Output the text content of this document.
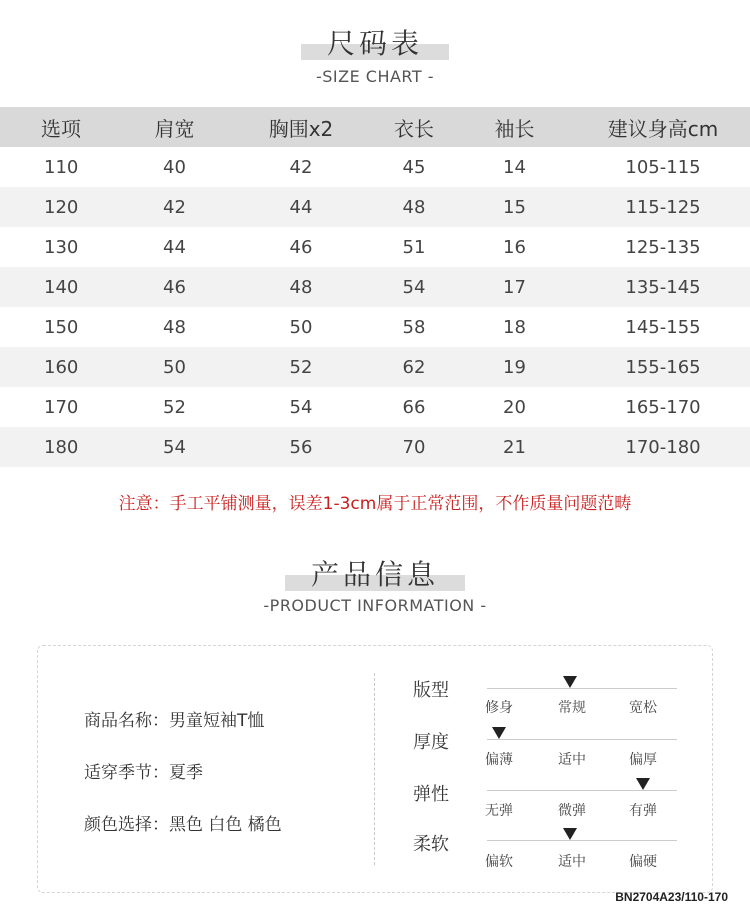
尺码表
-SIZE CHART -
选项	肩宽	胸围x2	衣长	袖长	建议身高cm
110	40	42	45	14	105-115
120	42	44	48	15	115-125
130	44	46	51	16	125-135
140	46	48	54	17	135-145
150	48	50	58	18	145-155
160	50	52	62	19	155-165
170	52	54	66	20	165-170
180	54	56	70	21	170-180
注意：手工平铺测量，误差1-3cm属于正常范围，不作质量问题范畴
产品信息
-PRODUCT INFORMATION -
商品名称：男童短袖T恤
适穿季节：夏季
颜色选择：黑色 白色 橘色
版型
修身	常规	宽松
厚度
偏薄	适中	偏厚
弹性
无弹	微弹	有弹
柔软
偏软	适中	偏硬
BN2704A23/110-170
